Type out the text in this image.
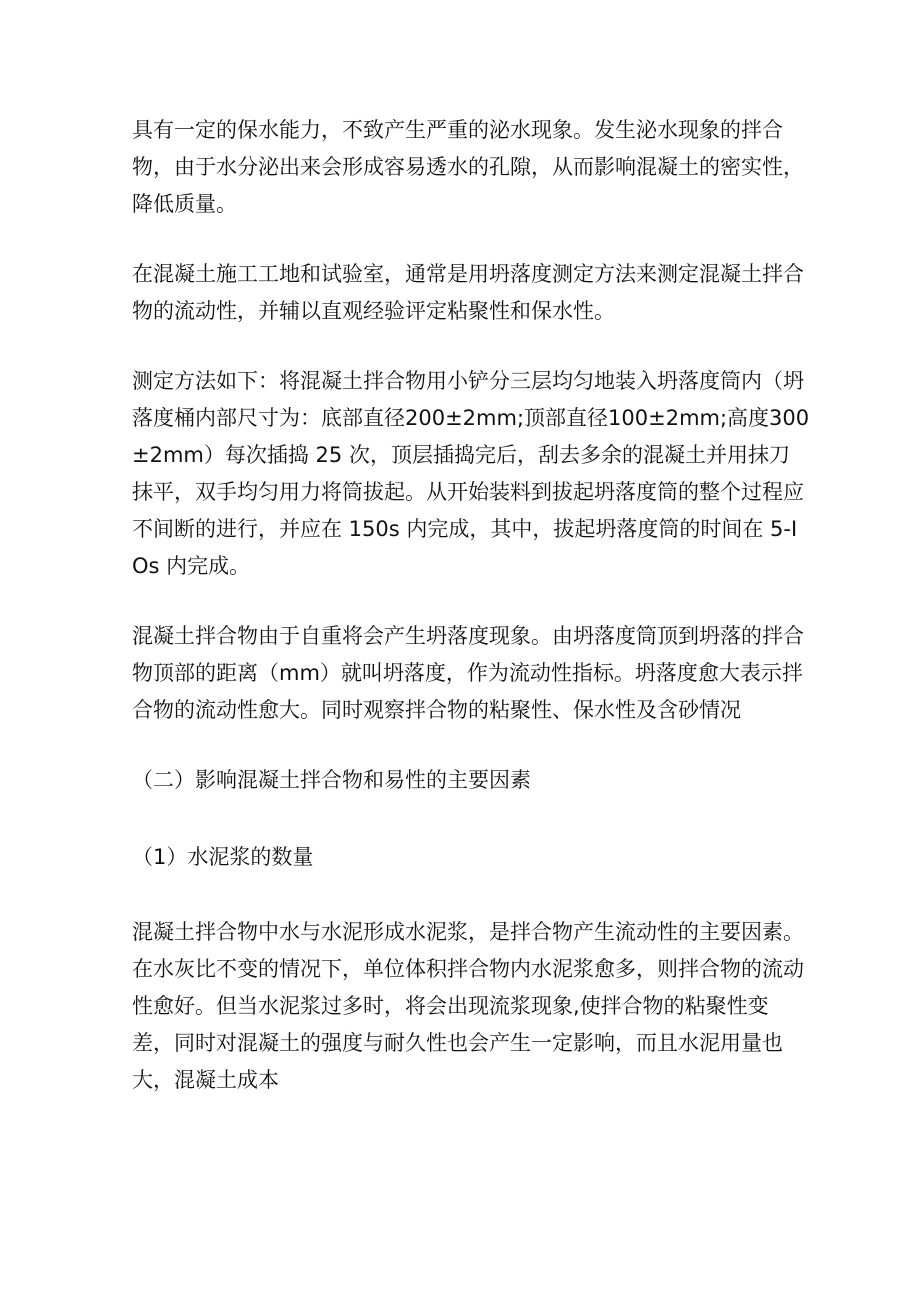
具有一定的保水能力，不致产生严重的泌水现象。发生泌水现象的拌合物，由于水分泌出来会形成容易透水的孔隙，从而影响混凝土的密实性，降低质量。

在混凝土施工工地和试验室，通常是用坍落度测定方法来测定混凝土拌合物的流动性，并辅以直观经验评定粘聚性和保水性。

测定方法如下：将混凝土拌合物用小铲分三层均匀地装入坍落度筒内（坍落度桶内部尺寸为：底部直径200±2mm;顶部直径100±2mm;高度300±2mm）每次插捣 25 次，顶层插捣完后，刮去多余的混凝土并用抹刀抹平，双手均匀用力将筒拔起。从开始装料到拔起坍落度筒的整个过程应不间断的进行，并应在 150s 内完成，其中，拔起坍落度筒的时间在 5-IOs 内完成。

混凝土拌合物由于自重将会产生坍落度现象。由坍落度筒顶到坍落的拌合物顶部的距离（mm）就叫坍落度，作为流动性指标。坍落度愈大表示拌合物的流动性愈大。同时观察拌合物的粘聚性、保水性及含砂情况

（二）影响混凝土拌合物和易性的主要因素

（1）水泥浆的数量

混凝土拌合物中水与水泥形成水泥浆，是拌合物产生流动性的主要因素。在水灰比不变的情况下，单位体积拌合物内水泥浆愈多，则拌合物的流动性愈好。但当水泥浆过多时，将会出现流浆现象,使拌合物的粘聚性变差，同时对混凝土的强度与耐久性也会产生一定影响，而且水泥用量也大，混凝土成本
